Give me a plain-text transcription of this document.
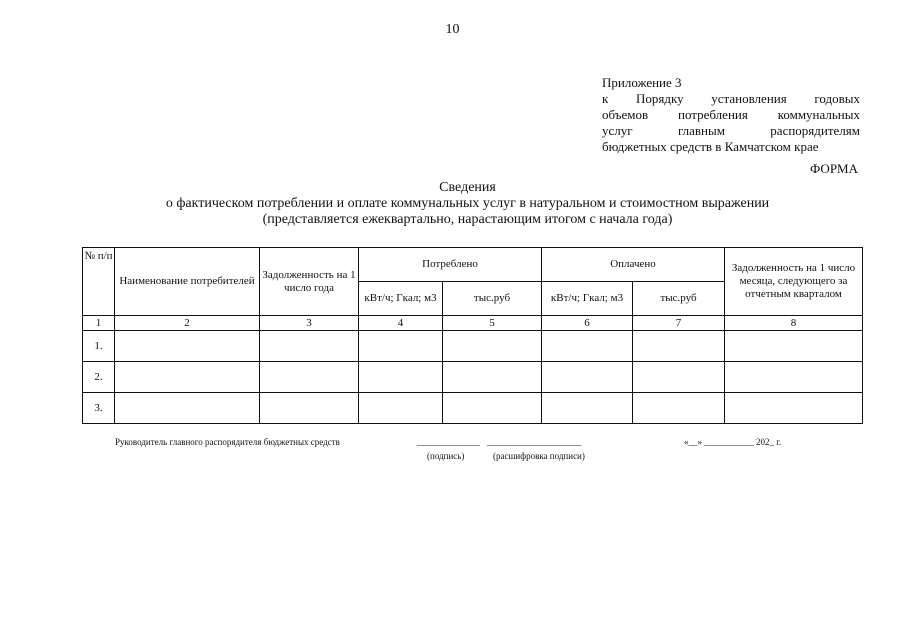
10
Приложение 3
к Порядку установления годовых
объемов потребления коммунальных
услуг главным распорядителям
бюджетных средств в Камчатском крае
ФОРМА
Сведения
о фактическом потреблении и оплате коммунальных услуг в натуральном и стоимостном выражении
(представляется ежеквартально, нарастающим итогом с начала года)
№ п/п	Наименование потребителей	Задолженность на 1 число года	Потреблено		Оплачено		Задолженность на 1 число месяца, следующего за отчетным кварталом
			кВт/ч; Гкал; м3	тыс.руб	кВт/ч; Гкал; м3	тыс.руб	
1	2	3	4	5	6	7	8
1.							
2.							
3.							
Руководитель главного распорядителя бюджетных средств	______________ _____________________	«__» ___________ 202_ г.
(подпись)	(расшифровка подписи)
